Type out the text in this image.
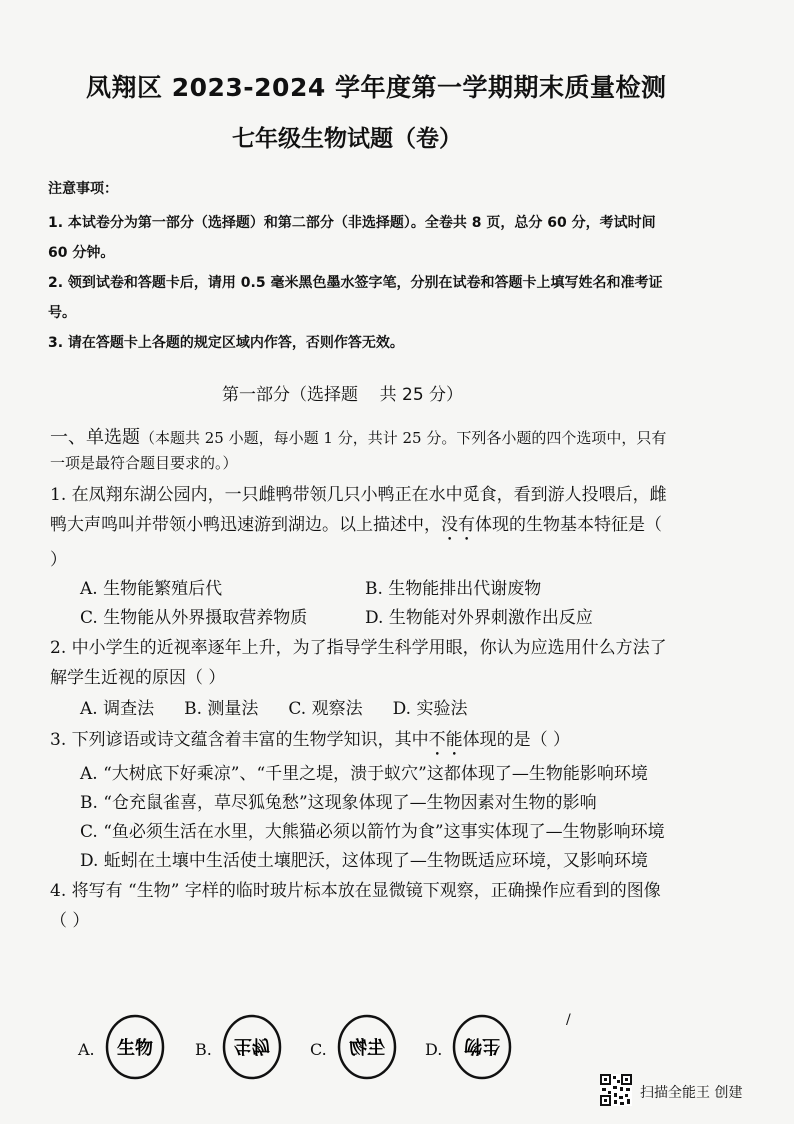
凤翔区 2023-2024 学年度第一学期期末质量检测
七年级生物试题（卷）
注意事项：
1. 本试卷分为第一部分（选择题）和第二部分（非选择题）。全卷共 8 页，总分 60 分，考试时间 60 分钟。
2. 领到试卷和答题卡后，请用 0.5 毫米黑色墨水签字笔，分别在试卷和答题卡上填写姓名和准考证号。
3. 请在答题卡上各题的规定区域内作答，否则作答无效。
第一部分（选择题    共 25 分）
一、单选题（本题共 25 小题，每小题 1 分，共计 25 分。下列各小题的四个选项中，只有一项是最符合题目要求的。）
1. 在凤翔东湖公园内，一只雌鸭带领几只小鸭正在水中觅食，看到游人投喂后，雌鸭大声鸣叫并带领小鸭迅速游到湖边。以上描述中，没有体现的生物基本特征是（ ）
A. 生物能繁殖后代	B. 生物能排出代谢废物
C. 生物能从外界摄取营养物质	D. 生物能对外界刺激作出反应
2. 中小学生的近视率逐年上升，为了指导学生科学用眼，你认为应选用什么方法了解学生近视的原因（ ）
A. 调查法 B. 测量法 C. 观察法 D. 实验法
3. 下列谚语或诗文蕴含着丰富的生物学知识，其中不能体现的是（ ）
A. “大树底下好乘凉”、“千里之堤，溃于蚁穴”这都体现了—生物能影响环境
B. “仓充鼠雀喜，草尽狐兔愁”这现象体现了—生物因素对生物的影响
C. “鱼必须生活在水里，大熊猫必须以箭竹为食”这事实体现了—生物影响环境
D. 蚯蚓在土壤中生活使土壤肥沃，这体现了—生物既适应环境，又影响环境
4. 将写有 “生物” 字样的临时玻片标本放在显微镜下观察，正确操作应看到的图像（ ）
/
A. 生物	B. 生物	C. 生物	D. 生物
扫描全能王 创建
